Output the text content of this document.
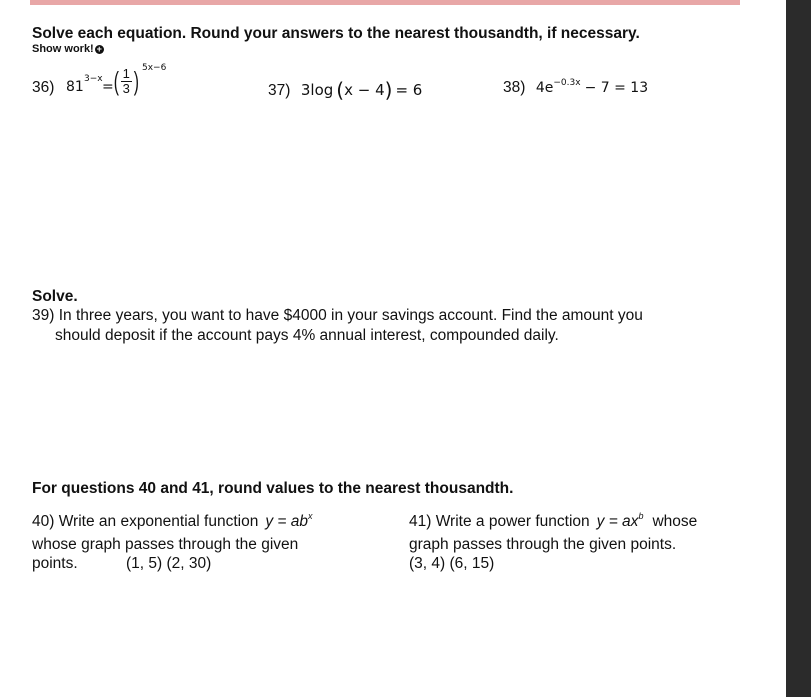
Solve each equation. Round your answers to the nearest thousandth, if necessary.
Show work! +
36) 81 3−x = ( $\frac{1}{3}$ ) 5x−6
37) 3log (x − 4) = 6	38) $4e^{-0.3x} - 7 = 13$
Solve.
39) In three years, you want to have $4000 in your savings account. Find the amount you
should deposit if the account pays 4% annual interest, compounded daily.
For questions 40 and 41, round values to the nearest thousandth.
40) Write an exponential function $y = ab^x$
whose graph passes through the given
points.	(1, 5) (2, 30)
41) Write a power function $y = ax^b$ whose
graph passes through the given points.
(3, 4) (6, 15)
